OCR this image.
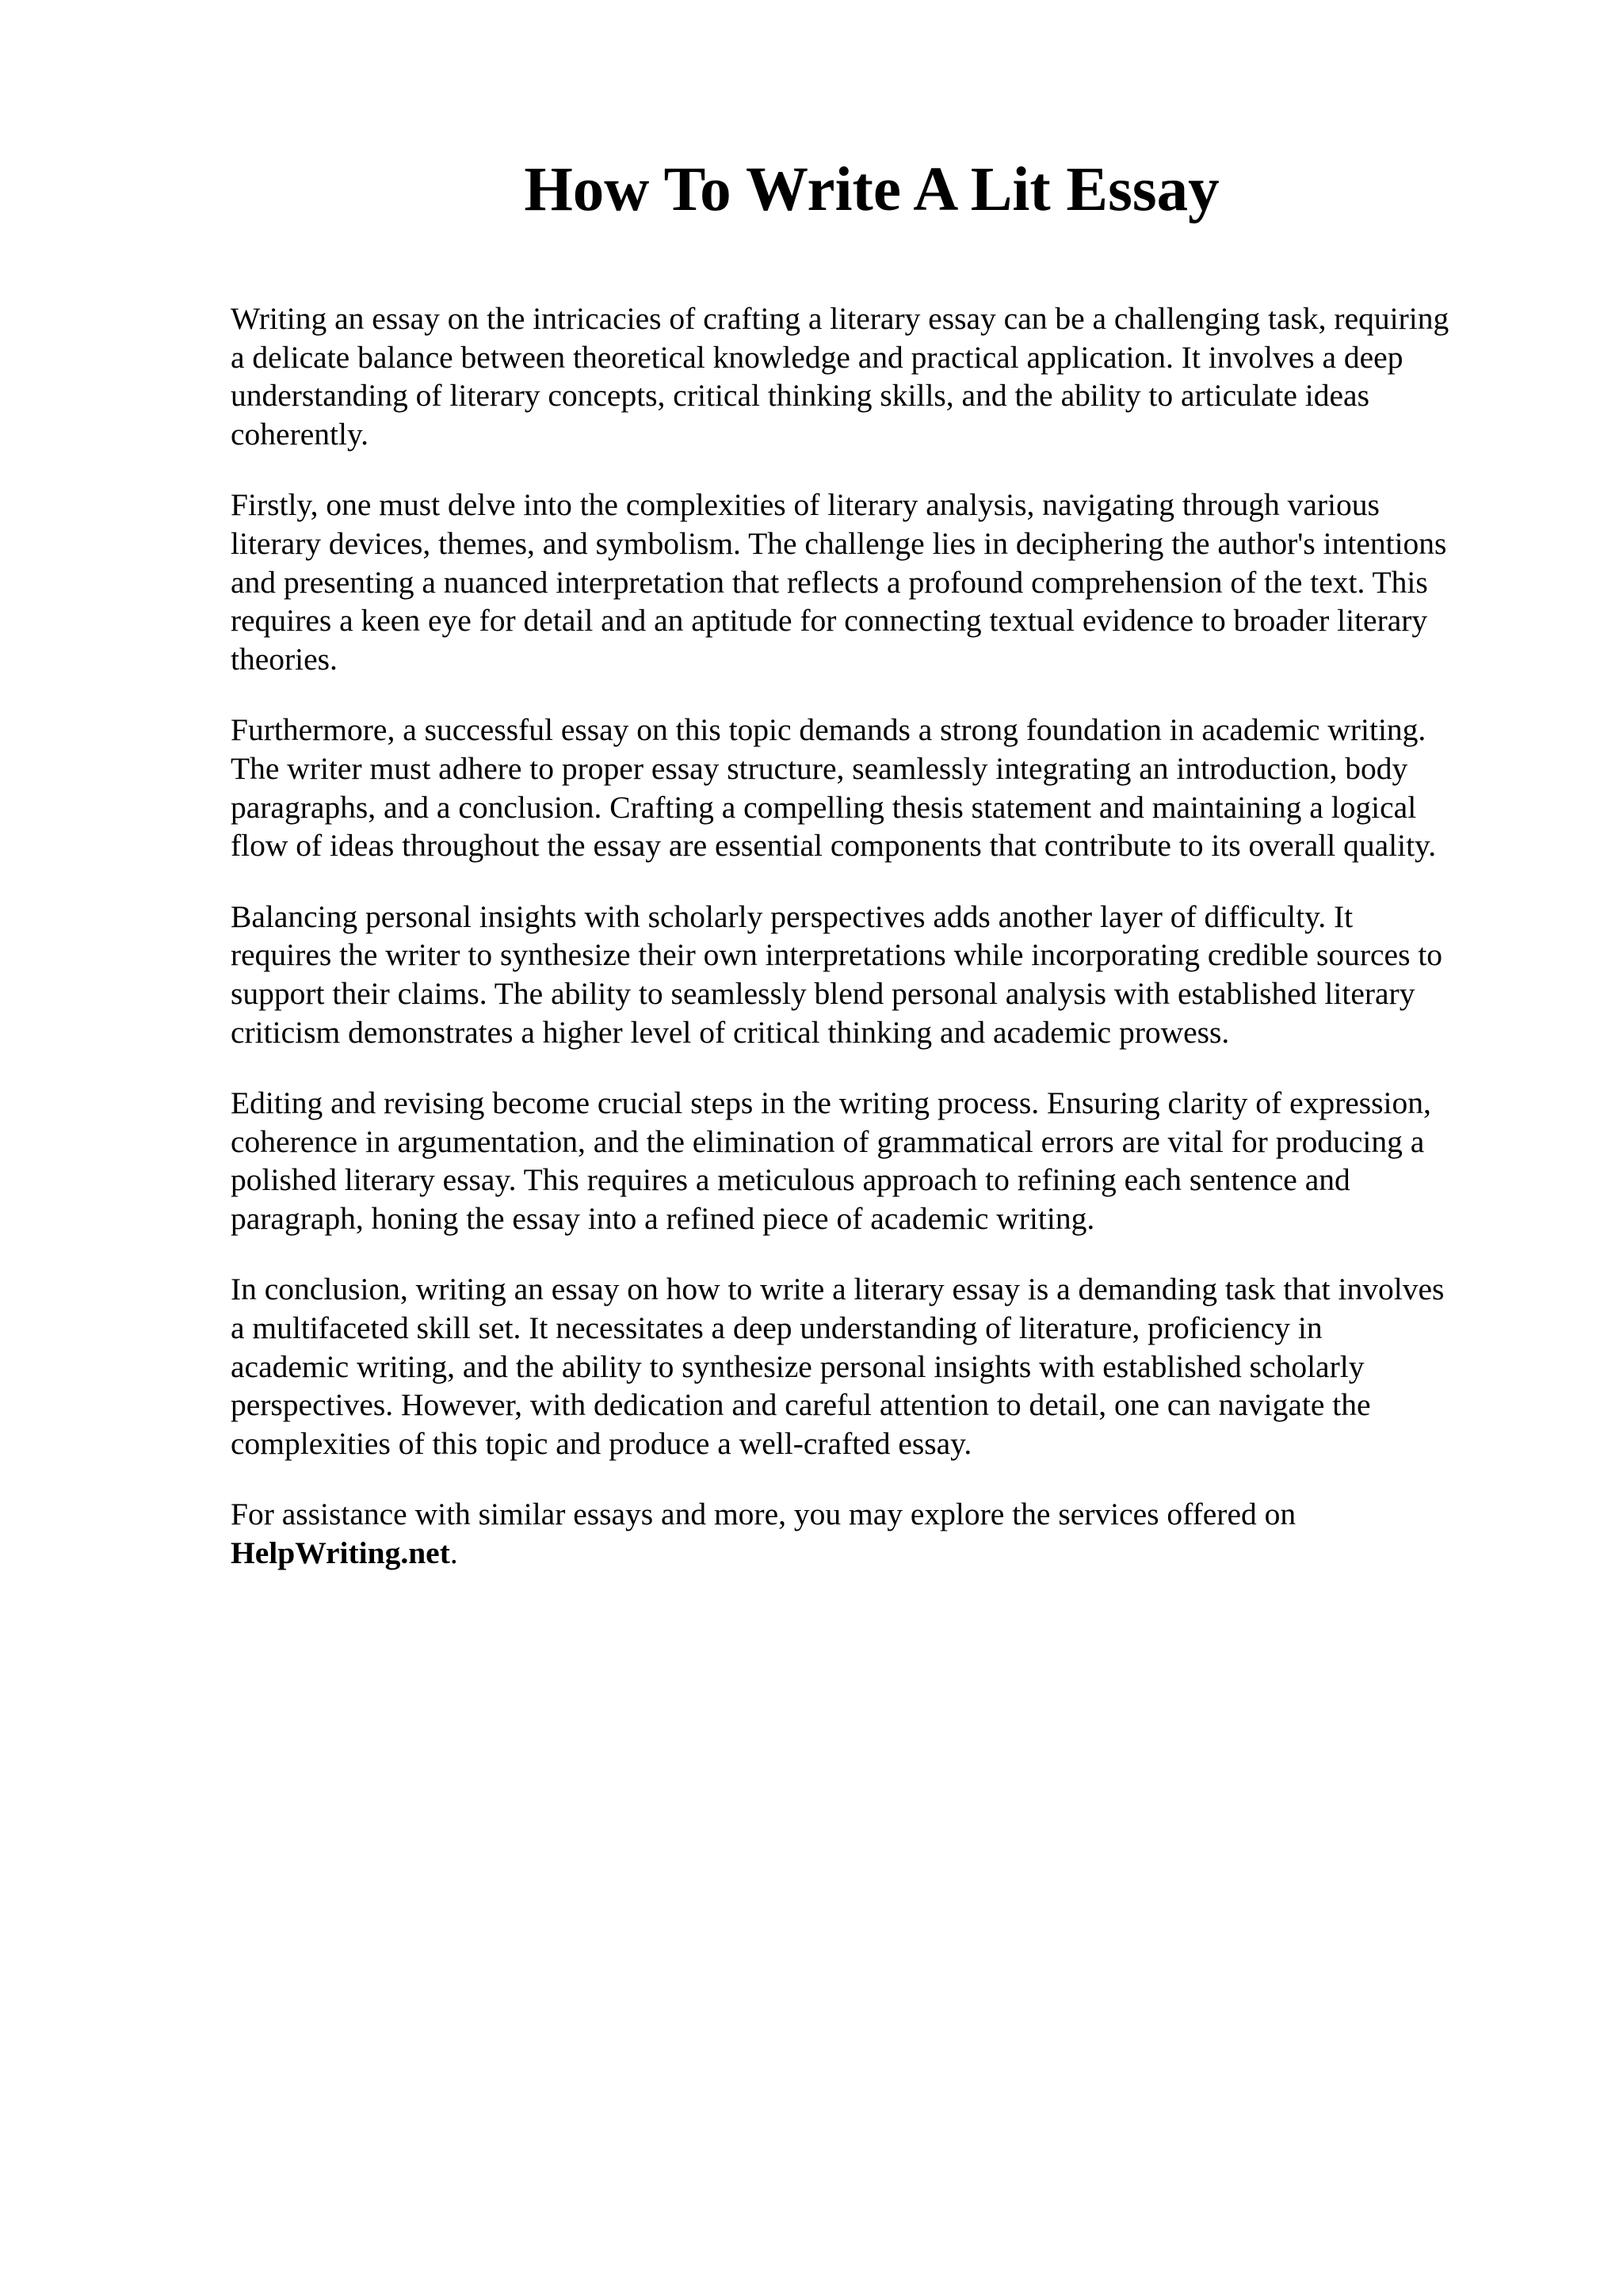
How To Write A Lit Essay

Writing an essay on the intricacies of crafting a literary essay can be a challenging task, requiring
a delicate balance between theoretical knowledge and practical application. It involves a deep
understanding of literary concepts, critical thinking skills, and the ability to articulate ideas
coherently.

Firstly, one must delve into the complexities of literary analysis, navigating through various
literary devices, themes, and symbolism. The challenge lies in deciphering the author's intentions
and presenting a nuanced interpretation that reflects a profound comprehension of the text. This
requires a keen eye for detail and an aptitude for connecting textual evidence to broader literary
theories.

Furthermore, a successful essay on this topic demands a strong foundation in academic writing.
The writer must adhere to proper essay structure, seamlessly integrating an introduction, body
paragraphs, and a conclusion. Crafting a compelling thesis statement and maintaining a logical
flow of ideas throughout the essay are essential components that contribute to its overall quality.

Balancing personal insights with scholarly perspectives adds another layer of difficulty. It
requires the writer to synthesize their own interpretations while incorporating credible sources to
support their claims. The ability to seamlessly blend personal analysis with established literary
criticism demonstrates a higher level of critical thinking and academic prowess.

Editing and revising become crucial steps in the writing process. Ensuring clarity of expression,
coherence in argumentation, and the elimination of grammatical errors are vital for producing a
polished literary essay. This requires a meticulous approach to refining each sentence and
paragraph, honing the essay into a refined piece of academic writing.

In conclusion, writing an essay on how to write a literary essay is a demanding task that involves
a multifaceted skill set. It necessitates a deep understanding of literature, proficiency in
academic writing, and the ability to synthesize personal insights with established scholarly
perspectives. However, with dedication and careful attention to detail, one can navigate the
complexities of this topic and produce a well-crafted essay.

For assistance with similar essays and more, you may explore the services offered on
HelpWriting.net.
